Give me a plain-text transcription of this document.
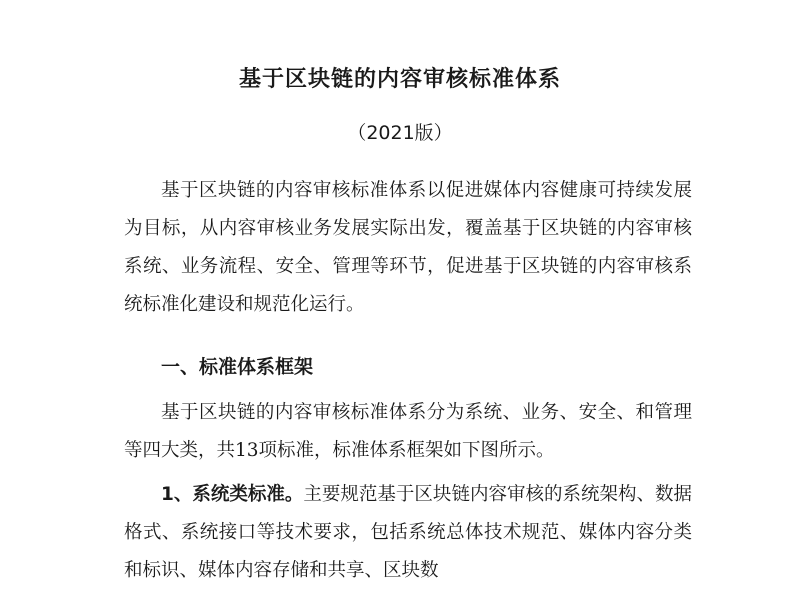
基于区块链的内容审核标准体系
（2021版）
基于区块链的内容审核标准体系以促进媒体内容健康可持续发展为目标，从内容审核业务发展实际出发，覆盖基于区块链的内容审核系统、业务流程、安全、管理等环节，促进基于区块链的内容审核系统标准化建设和规范化运行。
一、标准体系框架
基于区块链的内容审核标准体系分为系统、业务、安全、和管理等四大类，共13项标准，标准体系框架如下图所示。
1、系统类标准。主要规范基于区块链内容审核的系统架构、数据格式、系统接口等技术要求，包括系统总体技术规范、媒体内容分类和标识、媒体内容存储和共享、区块数
